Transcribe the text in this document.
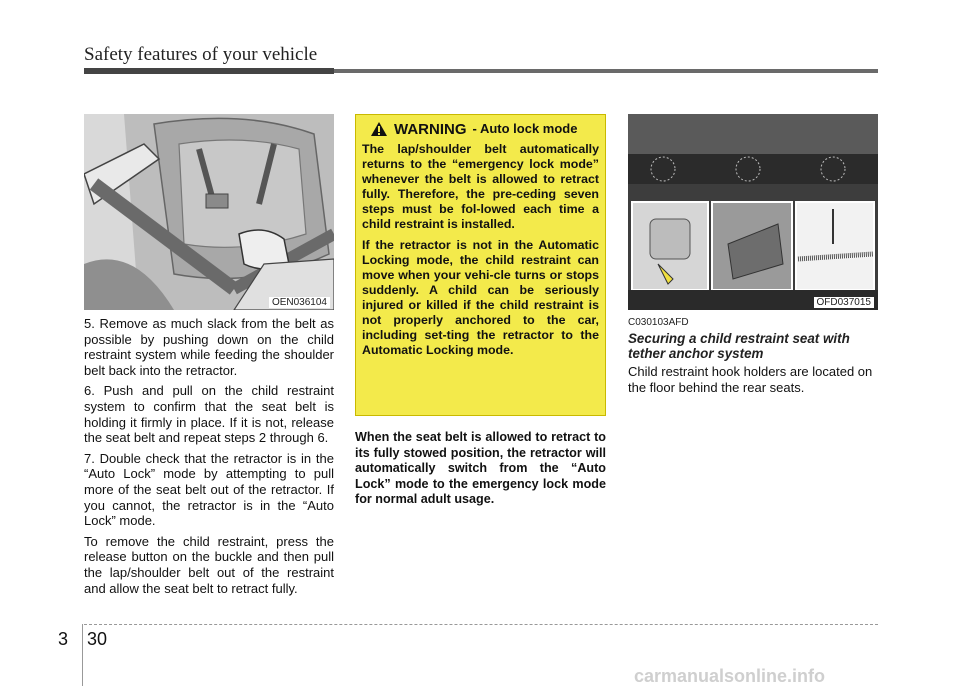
Safety features of your vehicle
OEN036104

5. Remove as much slack from the belt as possible by pushing down on the child restraint system while feeding the shoulder belt back into the retractor.

6. Push and pull on the child restraint system to confirm that the seat belt is holding it firmly in place. If it is not, release the seat belt and repeat steps 2 through 6.

7. Double check that the retractor is in the “Auto Lock” mode by attempting to pull more of the seat belt out of the retractor. If you cannot, the retractor is in the “Auto Lock” mode.

To remove the child restraint, press the release button on the buckle and then pull the lap/shoulder belt out of the restraint and allow the seat belt to retract fully.

WARNING - Auto lock mode

The lap/shoulder belt automatically returns to the “emergency lock mode” whenever the belt is allowed to retract fully. Therefore, the pre-ceding seven steps must be fol-lowed each time a child restraint is installed.

If the retractor is not in the Automatic Locking mode, the child restraint can move when your vehi-cle turns or stops suddenly. A child can be seriously injured or killed if the child restraint is not properly anchored to the car, including set-ting the retractor to the Automatic Locking mode.

When the seat belt is allowed to retract to its fully stowed position, the retractor will automatically switch from the “Auto Lock” mode to the emergency lock mode for normal adult usage.
OFD037015
C030103AFD
Securing a child restraint seat with tether anchor system
Child restraint hook holders are located on the floor behind the rear seats.
3 30
carmanualsonline.info
